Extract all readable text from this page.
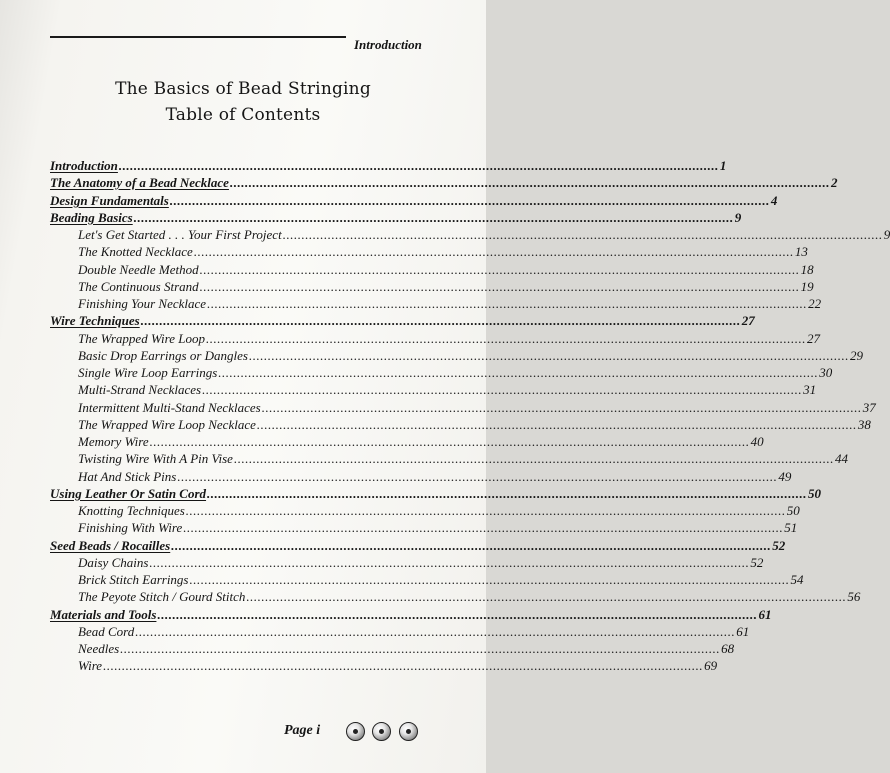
Introduction
The Basics of Bead Stringing
Table of Contents
Introduction ................................................................................................................................................................ 1
The Anatomy of a Bead Necklace ................................................................................................................................................................ 2
Design Fundamentals ................................................................................................................................................................ 4
Beading Basics ................................................................................................................................................................ 9
Let's Get Started . . . Your First Project ................................................................................................................................................................ 9
The Knotted Necklace ................................................................................................................................................................ 13
Double Needle Method ................................................................................................................................................................ 18
The Continuous Strand ................................................................................................................................................................ 19
Finishing Your Necklace ................................................................................................................................................................ 22
Wire Techniques ................................................................................................................................................................ 27
The Wrapped Wire Loop ................................................................................................................................................................ 27
Basic Drop Earrings or Dangles ................................................................................................................................................................ 29
Single Wire Loop Earrings ................................................................................................................................................................ 30
Multi-Strand Necklaces ................................................................................................................................................................ 31
Intermittent Multi-Stand Necklaces ................................................................................................................................................................ 37
The Wrapped Wire Loop Necklace ................................................................................................................................................................ 38
Memory Wire ................................................................................................................................................................ 40
Twisting Wire With A Pin Vise ................................................................................................................................................................ 44
Hat And Stick Pins ................................................................................................................................................................ 49
Using Leather Or Satin Cord ................................................................................................................................................................ 50
Knotting Techniques ................................................................................................................................................................ 50
Finishing With Wire ................................................................................................................................................................ 51
Seed Beads / Rocailles ................................................................................................................................................................ 52
Daisy Chains ................................................................................................................................................................ 52
Brick Stitch Earrings ................................................................................................................................................................ 54
The Peyote Stitch / Gourd Stitch ................................................................................................................................................................ 56
Materials and Tools ................................................................................................................................................................ 61
Bead Cord ................................................................................................................................................................ 61
Needles ................................................................................................................................................................ 68
Wire ................................................................................................................................................................ 69
Page i
